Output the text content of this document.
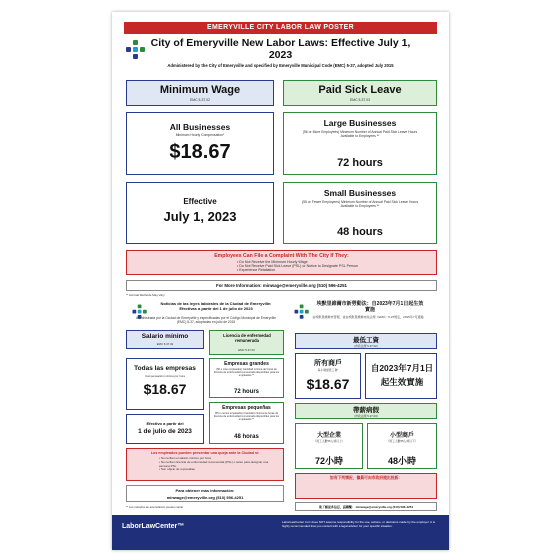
EMERYVILLE CITY LABOR LAW POSTER
City of Emeryville New Labor Laws: Effective July 1, 2023
Administered by the City of Emeryville and specified by Emeryville Municipal Code (EMC) 5-37, adopted July 2015
Minimum Wage
EMC 5-37.02
All Businesses
Minimum Hourly Compensation*
$18.67
Effective
July 1, 2023
Paid Sick Leave
EMC 5-37.03
Large Businesses
(56 or More Employees) Minimum Number of Annual Paid Sick Leave Hours Available to Employees **
72 hours
Small Businesses
(55 or Fewer Employees) Minimum Number of Annual Paid Sick Leave Hours Available to Employees **
48 hours
Employees Can File a Complaint With The City If They:
• Do Not Receive the Minimum Hourly Wage
• Do Not Receive Paid Sick Leave (PSL) or Notice to Designate PSL Person
• Experience Retaliation
For More Information: minwage@emeryville.org (510) 596-4251
** Accrual Methods May Vary
Noticias de las leyes laborales de la Ciudad de Emeryville: Efectivas a partir del 1 de julio de 2023
Administrada por la Ciudad de Emeryville y especificadas por el Código Municipal de Emeryville (EMC) 5-37, adoptadas en julio de 2015
Salario mínimo
EMC 5-37.02
Licencia de enfermedad remunerada
EMC 5-37.03
Todas las empresas
Compensación mínima por hora
$18.67
Empresas grandes
(56 o más empleados) Cantidad mínima de horas de licencia de enfermedad remunerada disponibles para los empleados **
72 hours
Efectivo a partir del
1 de julio de 2023
Empresas pequeñas
(55 o menos empleados) Cantidad mínima de horas de licencia de enfermedad remunerada disponibles para los empleados **
48 horas
Los empleados pueden presentar una queja ante la Ciudad si:
• No reciben el salario mínimo por hora
• No reciben licencia de enfermedad remunerada (PSL) o aviso para designar una persona PSL
• Son objeto de represalias
Para obtener más información:
minwage@emeryville.org (510) 596-4251
** Los métodos de acumulación pueden variar
埃默里維爾市新勞動法：自2023年7月1日起生效實施
由埃默里維爾市管理，並由埃默里維爾市政法規（EMC）5-37規定，2015年7月通過
最低工資
(市政法規 5-37.02)
所有商戶
每小時最低工資*
$18.67
自2023年7月1日起生效實施
帶薪病假
(市政法規 5-37.03)
大型企業
（員工人數56人或以上）
72小時
小型商戶
（員工人數55人或以下）
48小時
如有下列情況，僱員可向市政府提出投訴：
欲了解更多信息，請聯繫： minwage@emeryville.org (510) 596-4251
LaborLawCenter™
LaborLawCenter LLC does NOT assume responsibility for the use, actions, or decisions made by the employer. It is highly recommended that you consult with a legal advisor for your specific situation.
